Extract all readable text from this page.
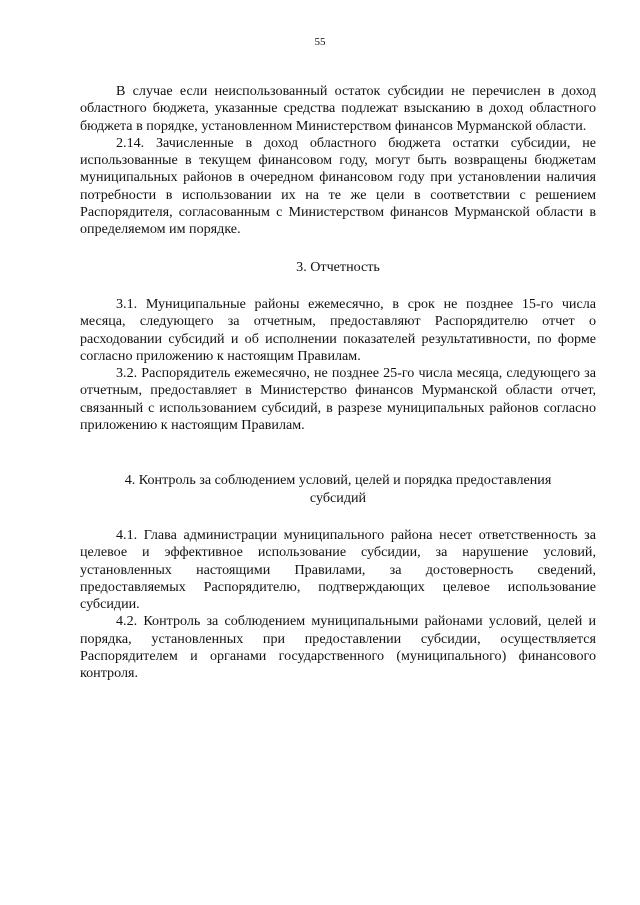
55

В случае если неиспользованный остаток субсидии не перечислен в доход областного бюджета, указанные средства подлежат взысканию в доход областного бюджета в порядке, установленном Министерством финансов Мурманской области.

2.14. Зачисленные в доход областного бюджета остатки субсидии, не использованные в текущем финансовом году, могут быть возвращены бюджетам муниципальных районов в очередном финансовом году при установлении наличия потребности в использовании их на те же цели в соответствии с решением Распорядителя, согласованным с Министерством финансов Мурманской области в определяемом им порядке.

3. Отчетность

3.1. Муниципальные районы ежемесячно, в срок не позднее 15-го числа месяца, следующего за отчетным, предоставляют Распорядителю отчет о расходовании субсидий и об исполнении показателей результативности, по форме согласно приложению к настоящим Правилам.

3.2. Распорядитель ежемесячно, не позднее 25-го числа месяца, следующего за отчетным, предоставляет в Министерство финансов Мурманской области отчет, связанный с использованием субсидий, в разрезе муниципальных районов согласно приложению к настоящим Правилам.

4. Контроль за соблюдением условий, целей и порядка предоставления
субсидий

4.1. Глава администрации муниципального района несет ответственность за целевое и эффективное использование субсидии, за нарушение условий, установленных настоящими Правилами, за достоверность сведений, предоставляемых Распорядителю, подтверждающих целевое использование субсидии.

4.2. Контроль за соблюдением муниципальными районами условий, целей и порядка, установленных при предоставлении субсидии, осуществляется Распорядителем и органами государственного (муниципального) финансового контроля.
